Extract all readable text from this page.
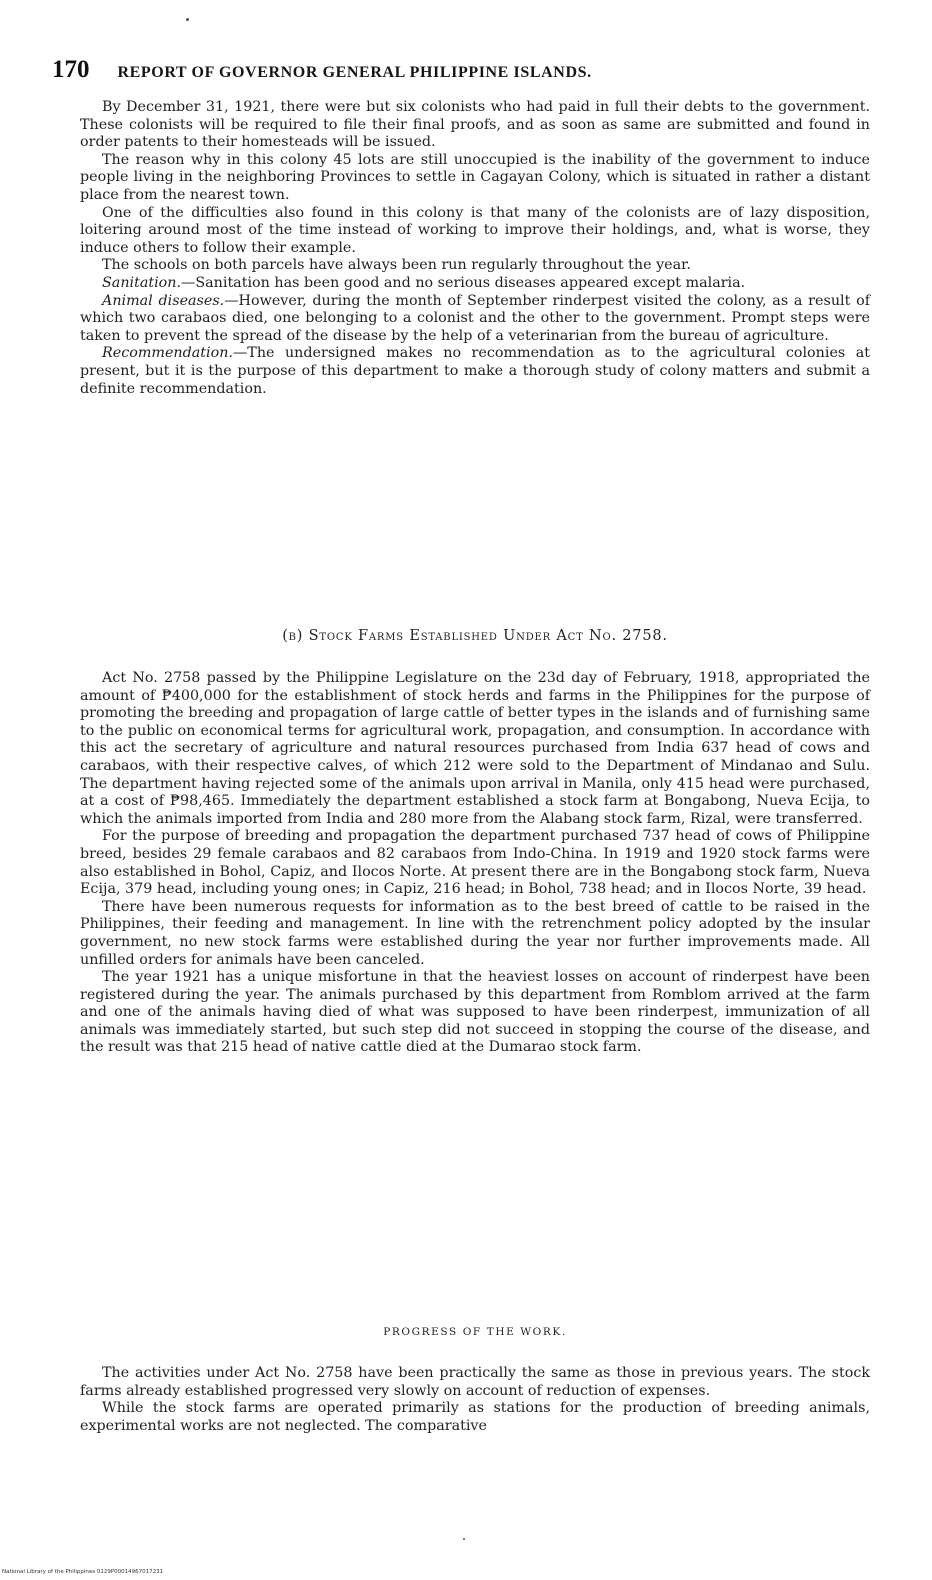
170 REPORT OF GOVERNOR GENERAL PHILIPPINE ISLANDS.

By December 31, 1921, there were but six colonists who had paid in full their debts to the government. These colonists will be required to file their final proofs, and as soon as same are submitted and found in order patents to their homesteads will be issued.

The reason why in this colony 45 lots are still unoccupied is the inability of the government to induce people living in the neighboring Provinces to settle in Cagayan Colony, which is situated in rather a distant place from the nearest town.

One of the difficulties also found in this colony is that many of the colonists are of lazy disposition, loitering around most of the time instead of working to improve their holdings, and, what is worse, they induce others to follow their example.

The schools on both parcels have always been run regularly throughout the year.

Sanitation.—Sanitation has been good and no serious diseases appeared except malaria.

Animal diseases.—However, during the month of September rinderpest visited the colony, as a result of which two carabaos died, one belonging to a colonist and the other to the government. Prompt steps were taken to prevent the spread of the disease by the help of a veterinarian from the bureau of agriculture.

Recommendation.—The undersigned makes no recommendation as to the agricultural colonies at present, but it is the purpose of this department to make a thorough study of colony matters and submit a definite recommendation.

(b) Stock Farms Established Under Act No. 2758.

Act No. 2758 passed by the Philippine Legislature on the 23d day of February, 1918, appropriated the amount of ₱400,000 for the establishment of stock herds and farms in the Philippines for the purpose of promoting the breeding and propagation of large cattle of better types in the islands and of furnishing same to the public on economical terms for agricultural work, propagation, and consumption. In accordance with this act the secretary of agriculture and natural resources purchased from India 637 head of cows and carabaos, with their respective calves, of which 212 were sold to the Department of Mindanao and Sulu. The department having rejected some of the animals upon arrival in Manila, only 415 head were purchased, at a cost of ₱98,465. Immediately the department established a stock farm at Bongabong, Nueva Ecija, to which the animals imported from India and 280 more from the Alabang stock farm, Rizal, were transferred.

For the purpose of breeding and propagation the department purchased 737 head of cows of Philippine breed, besides 29 female carabaos and 82 carabaos from Indo-China. In 1919 and 1920 stock farms were also established in Bohol, Capiz, and Ilocos Norte. At present there are in the Bongabong stock farm, Nueva Ecija, 379 head, including young ones; in Capiz, 216 head; in Bohol, 738 head; and in Ilocos Norte, 39 head.

There have been numerous requests for information as to the best breed of cattle to be raised in the Philippines, their feeding and management. In line with the retrenchment policy adopted by the insular government, no new stock farms were established during the year nor further improvements made. All unfilled orders for animals have been canceled.

The year 1921 has a unique misfortune in that the heaviest losses on account of rinderpest have been registered during the year. The animals purchased by this department from Romblom arrived at the farm and one of the animals having died of what was supposed to have been rinderpest, immunization of all animals was immediately started, but such step did not succeed in stopping the course of the disease, and the result was that 215 head of native cattle died at the Dumarao stock farm.

PROGRESS OF THE WORK.

The activities under Act No. 2758 have been practically the same as those in previous years. The stock farms already established progressed very slowly on account of reduction of expenses.

While the stock farms are operated primarily as stations for the production of breeding animals, experimental works are not neglected. The comparative

National Library of the Philippines 0129P00014967017231
